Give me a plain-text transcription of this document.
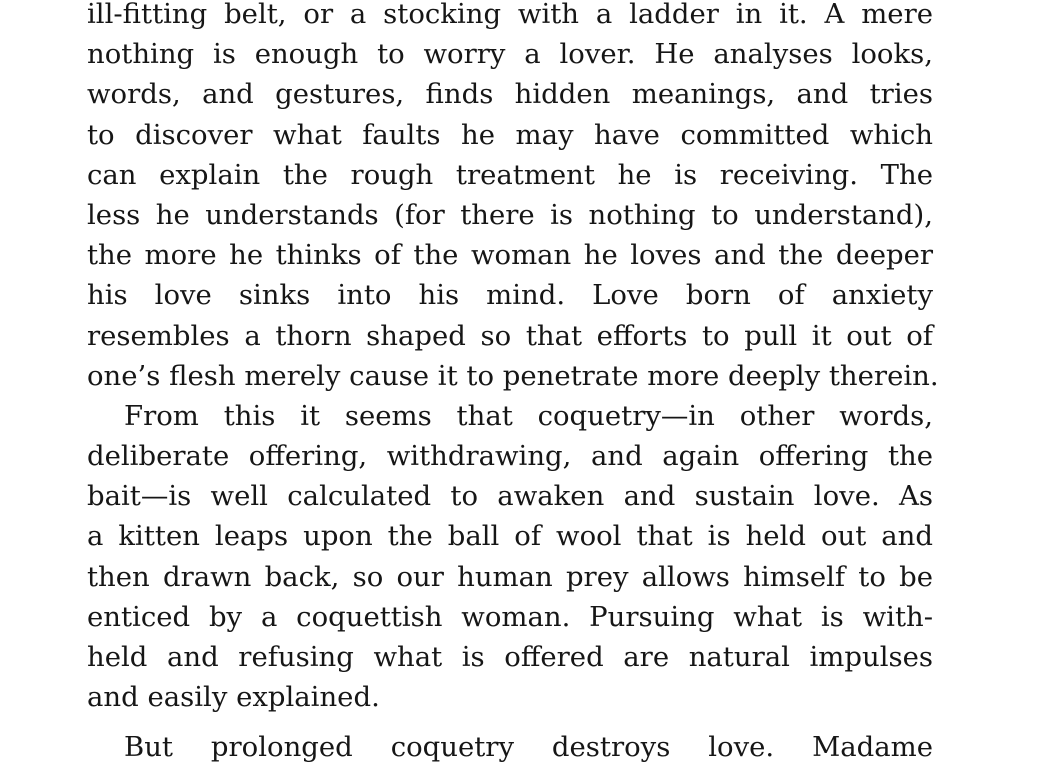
ill-fitting belt, or a stocking with a ladder in it. A mere
nothing is enough to worry a lover. He analyses looks,
words, and gestures, finds hidden meanings, and tries
to discover what faults he may have committed which
can explain the rough treatment he is receiving. The
less he understands (for there is nothing to understand),
the more he thinks of the woman he loves and the deeper
his love sinks into his mind. Love born of anxiety
resembles a thorn shaped so that efforts to pull it out of
one’s flesh merely cause it to penetrate more deeply therein.
From this it seems that coquetry—in other words,
deliberate offering, withdrawing, and again offering the
bait—is well calculated to awaken and sustain love. As
a kitten leaps upon the ball of wool that is held out and
then drawn back, so our human prey allows himself to be
enticed by a coquettish woman. Pursuing what is with-
held and refusing what is offered are natural impulses
and easily explained.
But prolonged coquetry destroys love. Madame
